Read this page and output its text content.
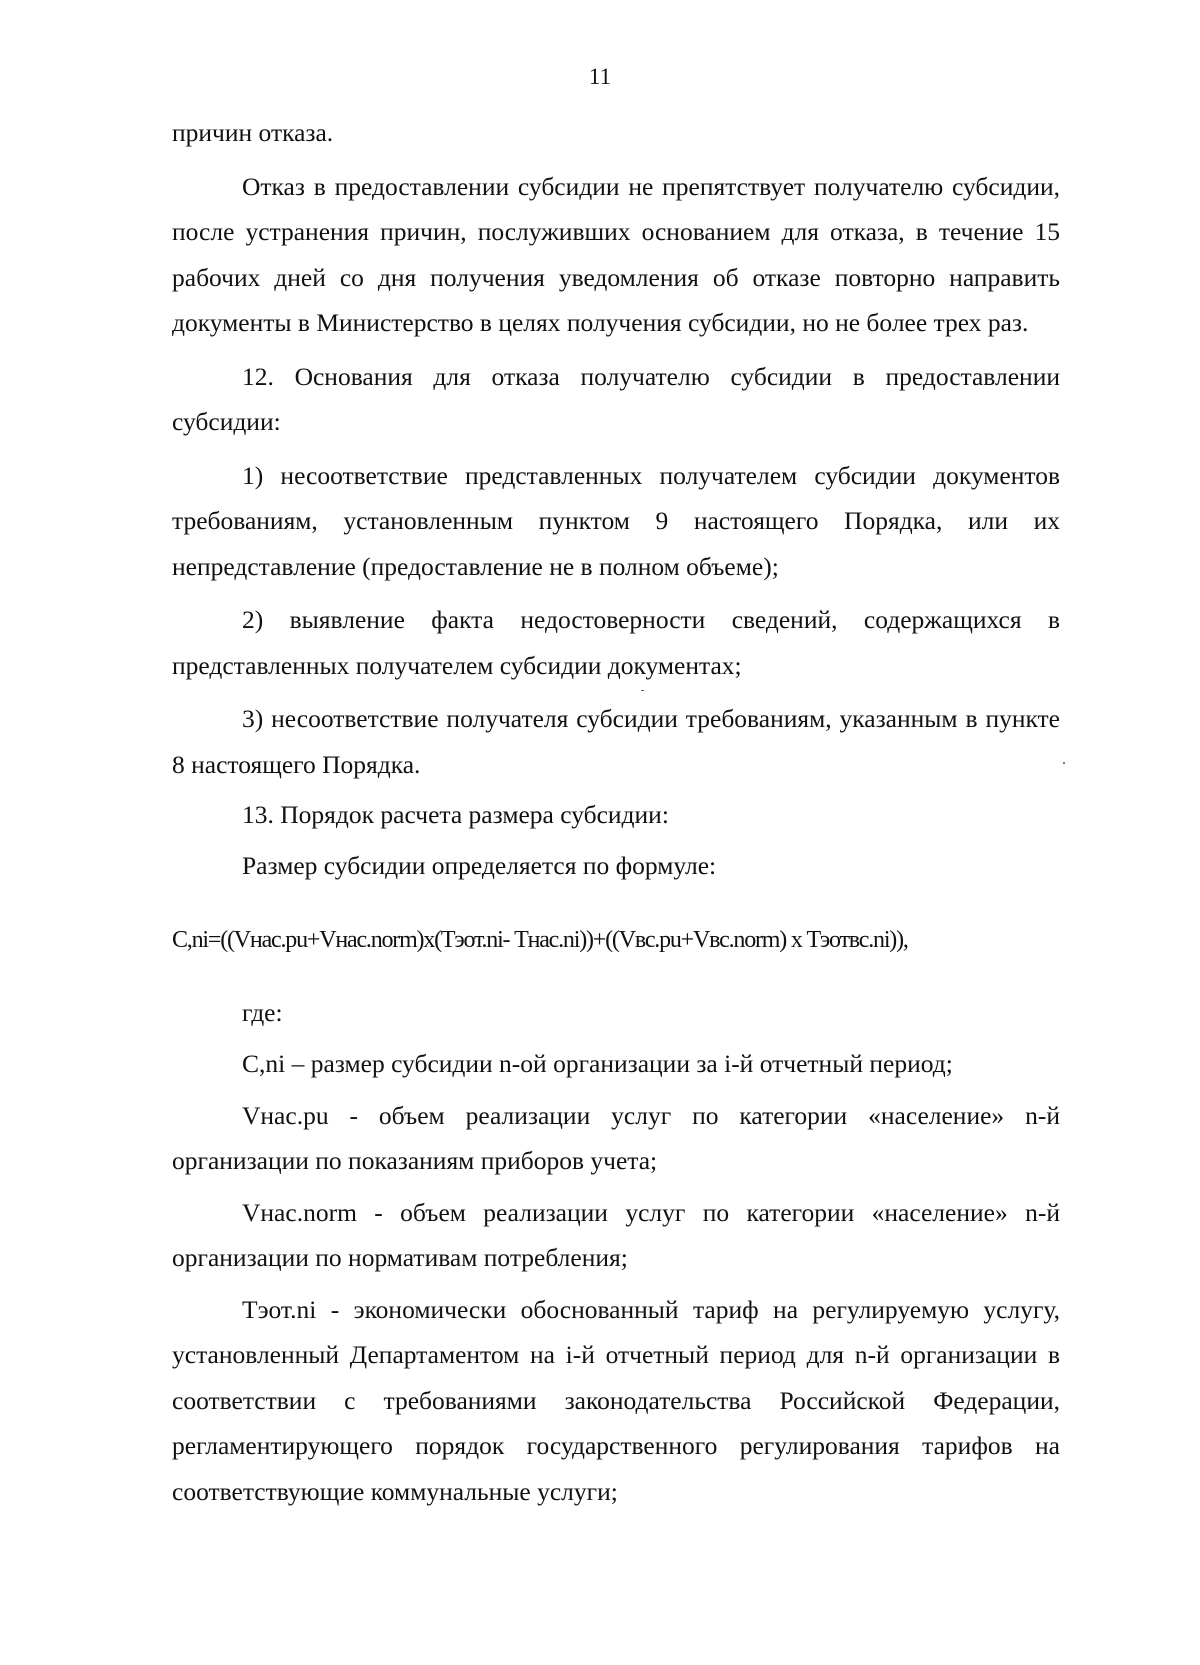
11

причин отказа.

Отказ в предоставлении субсидии не препятствует получателю субсидии, после устранения причин, послуживших основанием для отказа, в течение 15 рабочих дней со дня получения уведомления об отказе повторно направить документы в Министерство в целях получения субсидии, но не более трех раз.

12. Основания для отказа получателю субсидии в предоставлении субсидии:

1) несоответствие представленных получателем субсидии документов требованиям, установленным пунктом 9 настоящего Порядка, или их непредставление (предоставление не в полном объеме);

2) выявление факта недостоверности сведений, содержащихся в представленных получателем субсидии документах;

3) несоответствие получателя субсидии требованиям, указанным в пункте 8 настоящего Порядка.

13. Порядок расчета размера субсидии:

Размер субсидии определяется по формуле:

С,ni=((Vнас.pu+Vнас.norm)x(Тэот.ni- Тнас.ni))+((Vвс.pu+Vвс.norm) x Тэотвс.ni)),

где:

С,ni – размер субсидии n-ой организации за i-й отчетный период;

Vнас.pu - объем реализации услуг по категории «население» n-й организации по показаниям приборов учета;

Vнас.norm - объем реализации услуг по категории «население» n-й организации по нормативам потребления;

Тэот.ni - экономически обоснованный тариф на регулируемую услугу, установленный Департаментом на i-й отчетный период для n-й организации в соответствии с требованиями законодательства Российской Федерации, регламентирующего порядок государственного регулирования тарифов на соответствующие коммунальные услуги;
